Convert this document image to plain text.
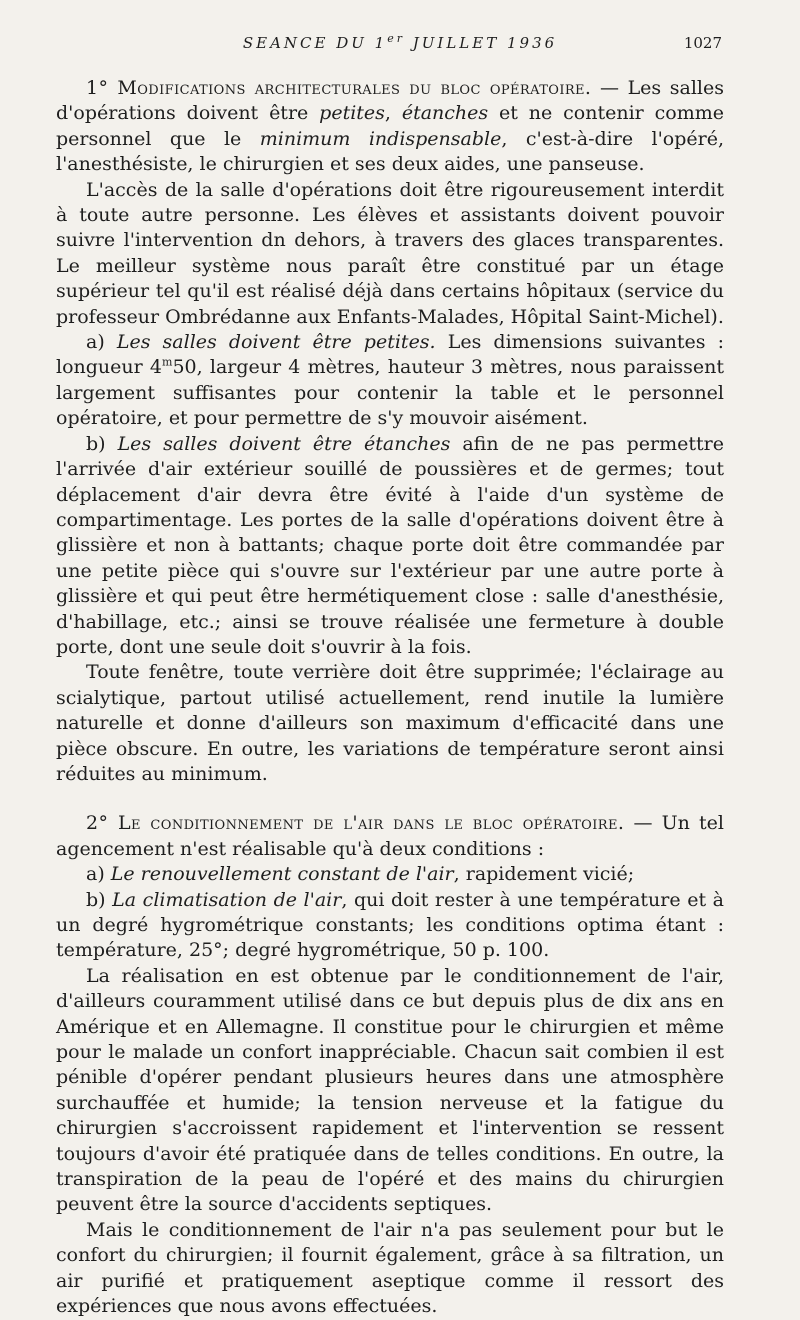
SEANCE DU 1er JUILLET 1936	1027

1° Modifications architecturales du bloc opératoire. — Les salles d'opérations doivent être petites, étanches et ne contenir comme personnel que le minimum indispensable, c'est-à-dire l'opéré, l'anesthésiste, le chirurgien et ses deux aides, une panseuse.

L'accès de la salle d'opérations doit être rigoureusement interdit à toute autre personne. Les élèves et assistants doivent pouvoir suivre l'intervention dn dehors, à travers des glaces transparentes. Le meilleur système nous paraît être constitué par un étage supérieur tel qu'il est réalisé déjà dans certains hôpitaux (service du professeur Ombrédanne aux Enfants-Malades, Hôpital Saint-Michel).

a) Les salles doivent être petites. Les dimensions suivantes : longueur 4$^m$50, largeur 4 mètres, hauteur 3 mètres, nous paraissent largement suffisantes pour contenir la table et le personnel opératoire, et pour permettre de s'y mouvoir aisément.

b) Les salles doivent être étanches afin de ne pas permettre l'arrivée d'air extérieur souillé de poussières et de germes; tout déplacement d'air devra être évité à l'aide d'un système de compartimentage. Les portes de la salle d'opérations doivent être à glissière et non à battants; chaque porte doit être commandée par une petite pièce qui s'ouvre sur l'extérieur par une autre porte à glissière et qui peut être hermétiquement close : salle d'anesthésie, d'habillage, etc.; ainsi se trouve réalisée une fermeture à double porte, dont une seule doit s'ouvrir à la fois.

Toute fenêtre, toute verrière doit être supprimée; l'éclairage au scialytique, partout utilisé actuellement, rend inutile la lumière naturelle et donne d'ailleurs son maximum d'efficacité dans une pièce obscure. En outre, les variations de température seront ainsi réduites au minimum.

2° Le conditionnement de l'air dans le bloc opératoire. — Un tel agencement n'est réalisable qu'à deux conditions :

a) Le renouvellement constant de l'air, rapidement vicié;

b) La climatisation de l'air, qui doit rester à une température et à un degré hygrométrique constants; les conditions optima étant : température, 25°; degré hygrométrique, 50 p. 100.

La réalisation en est obtenue par le conditionnement de l'air, d'ailleurs couramment utilisé dans ce but depuis plus de dix ans en Amérique et en Allemagne. Il constitue pour le chirurgien et même pour le malade un confort inappréciable. Chacun sait combien il est pénible d'opérer pendant plusieurs heures dans une atmosphère surchauffée et humide; la tension nerveuse et la fatigue du chirurgien s'accroissent rapidement et l'intervention se ressent toujours d'avoir été pratiquée dans de telles conditions. En outre, la transpiration de la peau de l'opéré et des mains du chirurgien peuvent être la source d'accidents septiques.

Mais le conditionnement de l'air n'a pas seulement pour but le confort du chirurgien; il fournit également, grâce à sa filtration, un air purifié et pratiquement aseptique comme il ressort des expériences que nous avons effectuées.
